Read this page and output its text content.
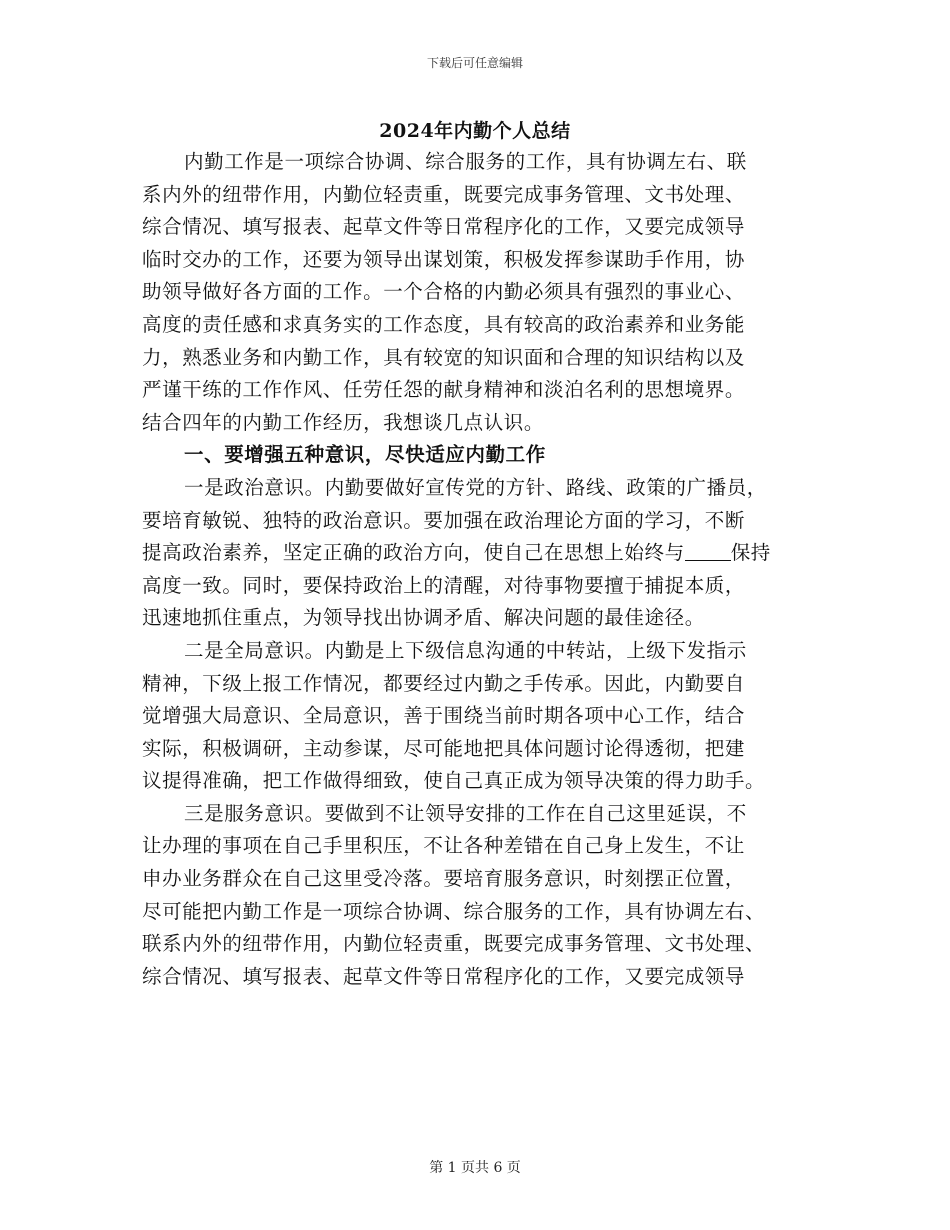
下载后可任意编辑
2024年内勤个人总结
内勤工作是一项综合协调、综合服务的工作，具有协调左右、联
系内外的纽带作用，内勤位轻责重，既要完成事务管理、文书处理、
综合情况、填写报表、起草文件等日常程序化的工作，又要完成领导
临时交办的工作，还要为领导出谋划策，积极发挥参谋助手作用，协
助领导做好各方面的工作。一个合格的内勤必须具有强烈的事业心、
高度的责任感和求真务实的工作态度，具有较高的政治素养和业务能
力，熟悉业务和内勤工作，具有较宽的知识面和合理的知识结构以及
严谨干练的工作作风、任劳任怨的献身精神和淡泊名利的思想境界。
结合四年的内勤工作经历，我想谈几点认识。
一、要增强五种意识，尽快适应内勤工作
一是政治意识。内勤要做好宣传党的方针、路线、政策的广播员，
要培育敏锐、独特的政治意识。要加强在政治理论方面的学习，不断
提高政治素养，坚定正确的政治方向，使自己在思想上始终与 保持
高度一致。同时，要保持政治上的清醒，对待事物要擅于捕捉本质，
迅速地抓住重点，为领导找出协调矛盾、解决问题的最佳途径。
二是全局意识。内勤是上下级信息沟通的中转站，上级下发指示
精神，下级上报工作情况，都要经过内勤之手传承。因此，内勤要自
觉增强大局意识、全局意识，善于围绕当前时期各项中心工作，结合
实际，积极调研，主动参谋，尽可能地把具体问题讨论得透彻，把建
议提得准确，把工作做得细致，使自己真正成为领导决策的得力助手。
三是服务意识。要做到不让领导安排的工作在自己这里延误，不
让办理的事项在自己手里积压，不让各种差错在自己身上发生，不让
申办业务群众在自己这里受冷落。要培育服务意识，时刻摆正位置，
尽可能把内勤工作是一项综合协调、综合服务的工作，具有协调左右、
联系内外的纽带作用，内勤位轻责重，既要完成事务管理、文书处理、
综合情况、填写报表、起草文件等日常程序化的工作，又要完成领导
第 1 页共 6 页
